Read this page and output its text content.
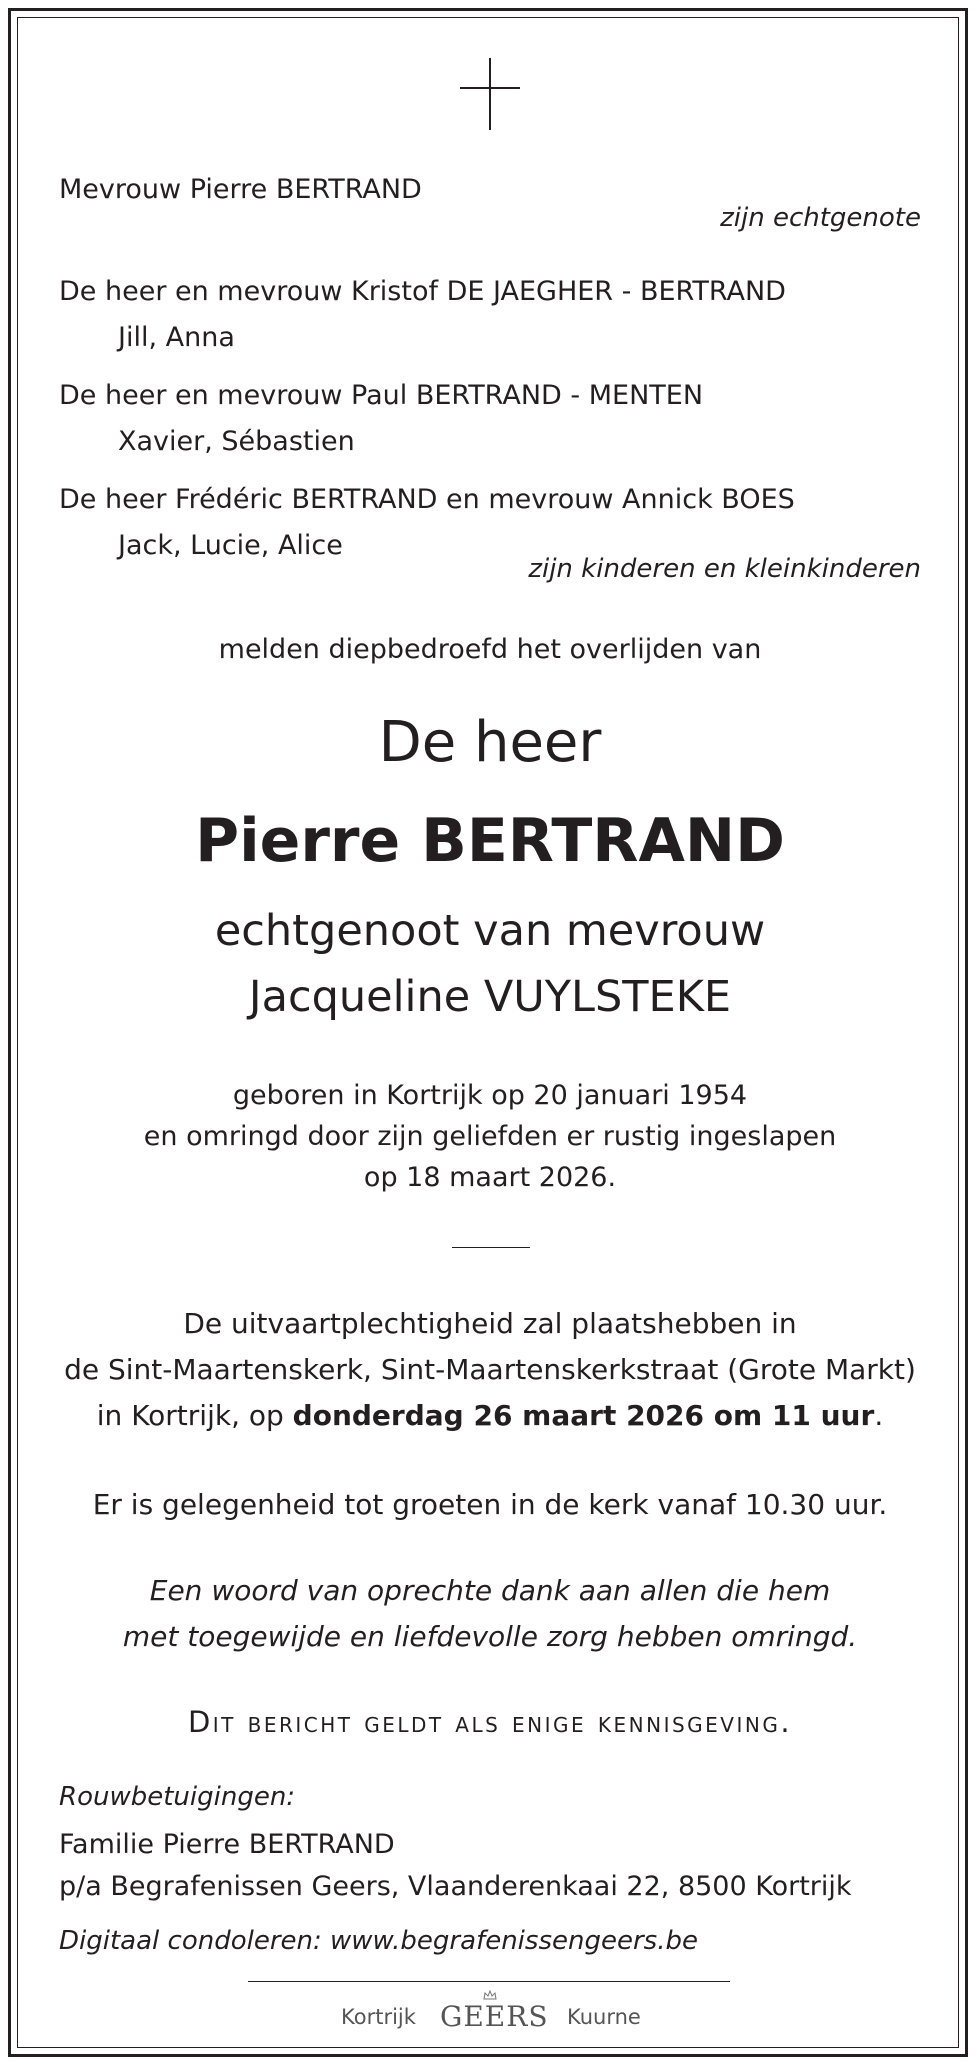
Mevrouw Pierre BERTRAND
zijn echtgenote
De heer en mevrouw Kristof DE JAEGHER - BERTRAND
Jill, Anna
De heer en mevrouw Paul BERTRAND - MENTEN
Xavier, Sébastien
De heer Frédéric BERTRAND en mevrouw Annick BOES
Jack, Lucie, Alice
zijn kinderen en kleinkinderen
melden diepbedroefd het overlijden van
De heer
Pierre BERTRAND
echtgenoot van mevrouw
Jacqueline VUYLSTEKE
geboren in Kortrijk op 20 januari 1954
en omringd door zijn geliefden er rustig ingeslapen
op 18 maart 2026.
De uitvaartplechtigheid zal plaatshebben in
de Sint-Maartenskerk, Sint-Maartenskerkstraat (Grote Markt)
in Kortrijk, op donderdag 26 maart 2026 om 11 uur.
Er is gelegenheid tot groeten in de kerk vanaf 10.30 uur.
Een woord van oprechte dank aan allen die hem
met toegewijde en liefdevolle zorg hebben omringd.
Dit bericht geldt als enige kennisgeving.
Rouwbetuigingen:
Familie Pierre BERTRAND
p/a Begrafenissen Geers, Vlaanderenkaai 22, 8500 Kortrijk
Digitaal condoleren: www.begrafenissengeers.be
Kortrijk GEERS Kuurne
